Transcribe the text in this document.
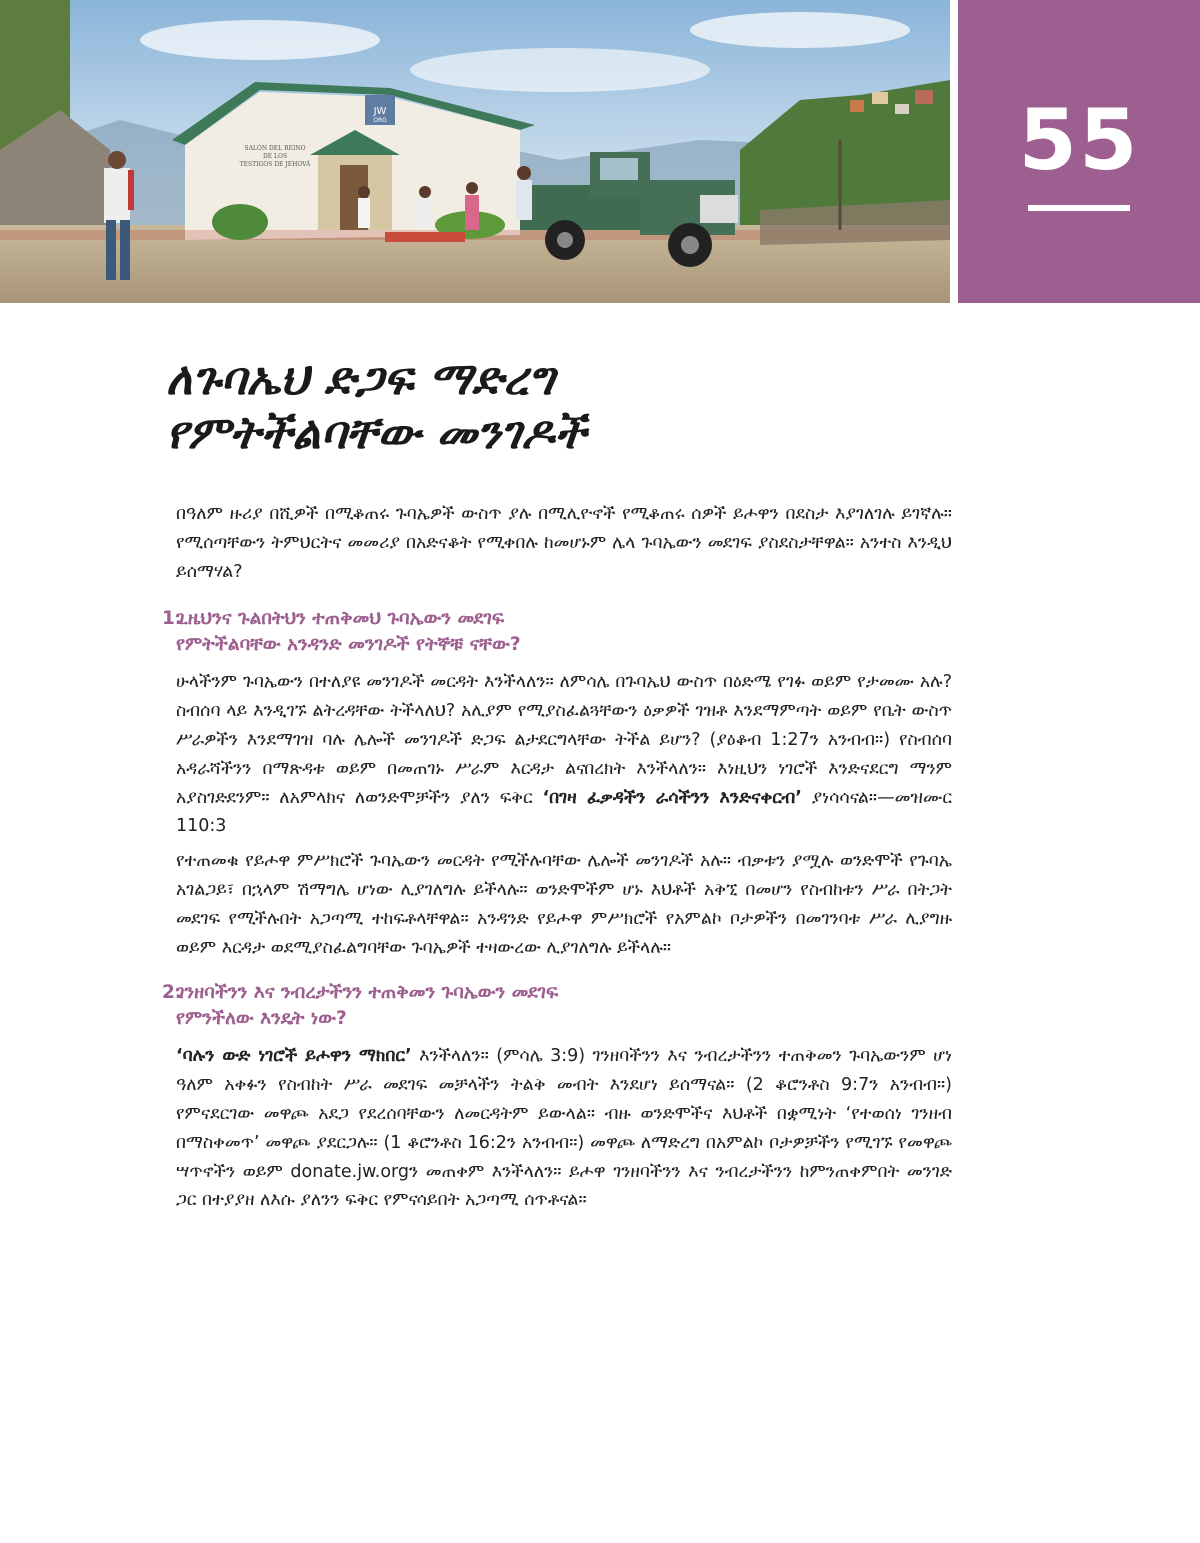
JW
ORG
SALÓN DEL REINO
DE LOS
TESTIGOS DE JEHOVÁ	55
ለጉባኤህ ድጋፍ ማድረግ
የምትችልባቸው መንገዶች

በዓለም ዙሪያ በሺዎች በሚቆጠሩ ጉባኤዎች ውስጥ ያሉ በሚሊዮኖች የሚቆጠሩ ሰዎች ይሖዋን በደስታ እያገለገሉ ይገኛሉ። የሚሰጣቸውን ትምህርትና መመሪያ በአድናቆት የሚቀበሉ ከመሆኑም ሌላ ጉባኤውን መደገፍ ያስደስታቸዋል። አንተስ እንዲህ ይሰማሃል?

1.
ጊዜህንና ጉልበትህን ተጠቅመህ ጉባኤውን መደገፍ
የምትችልባቸው አንዳንድ መንገዶች የትኞቹ ናቸው?

ሁላችንም ጉባኤውን በተለያዩ መንገዶች መርዳት እንችላለን። ለምሳሌ በጉባኤህ ውስጥ በዕድሜ የገፉ ወይም የታመሙ አሉ? ስብሰባ ላይ እንዲገኙ ልትረዳቸው ትችላለህ? አሊያም የሚያስፈልጓቸውን ዕቃዎች ገዝቶ እንደማምጣት ወይም የቤት ውስጥ ሥራዎችን እንደማገዝ ባሉ ሌሎች መንገዶች ድጋፍ ልታደርግላቸው ትችል ይሆን? (ያዕቆብ 1:27ን አንብብ።) የስብሰባ አዳራሻችንን በማጽዳቱ ወይም በመጠገኑ ሥራም እርዳታ ልናበረክት እንችላለን። እነዚህን ነገሮች እንድናደርግ ማንም አያስገድደንም። ለአምላክና ለወንድሞቻችን ያለን ፍቅር ‘በገዛ ፈቃዳችን ራሳችንን እንድናቀርብ’ ያነሳሳናል።—መዝሙር 110:3

የተጠመቁ የይሖዋ ምሥክሮች ጉባኤውን መርዳት የሚችሉባቸው ሌሎች መንገዶች አሉ። ብቃቱን ያሟሉ ወንድሞች የጉባኤ አገልጋይ፣ በኋላም ሽማግሌ ሆነው ሊያገለግሉ ይችላሉ። ወንድሞችም ሆኑ እህቶች አቅኚ በመሆን የስብከቱን ሥራ በትጋት መደገፍ የሚችሉበት አጋጣሚ ተከፍቶላቸዋል። አንዳንድ የይሖዋ ምሥክሮች የአምልኮ ቦታዎችን በመገንባቱ ሥራ ሊያግዙ ወይም እርዳታ ወደሚያስፈልግባቸው ጉባኤዎች ተዛውረው ሊያገለግሉ ይችላሉ።

2.
ገንዘባችንን እና ንብረታችንን ተጠቅመን ጉባኤውን መደገፍ
የምንችለው እንዴት ነው?

‘ባሉን ውድ ነገሮች ይሖዋን ማክበር’ እንችላለን። (ምሳሌ 3:9) ገንዘባችንን እና ንብረታችንን ተጠቅመን ጉባኤውንም ሆነ ዓለም አቀፉን የስብከት ሥራ መደገፍ መቻላችን ትልቅ መብት እንደሆነ ይሰማናል። (2 ቆሮንቶስ 9:7ን አንብብ።) የምናደርገው መዋጮ አደጋ የደረሰባቸውን ለመርዳትም ይውላል። ብዙ ወንድሞችና እህቶች በቋሚነት ‘የተወሰነ ገንዘብ በማስቀመጥ’ መዋጮ ያደርጋሉ። (1 ቆሮንቶስ 16:2ን አንብብ።) መዋጮ ለማድረግ በአምልኮ ቦታዎቻችን የሚገኙ የመዋጮ ሣጥኖችን ወይም donate.jw.orgን መጠቀም እንችላለን። ይሖዋ ገንዘባችንን እና ንብረታችንን ከምንጠቀምበት መንገድ ጋር በተያያዘ ለእሱ ያለንን ፍቅር የምናሳይበት አጋጣሚ ሰጥቶናል።
